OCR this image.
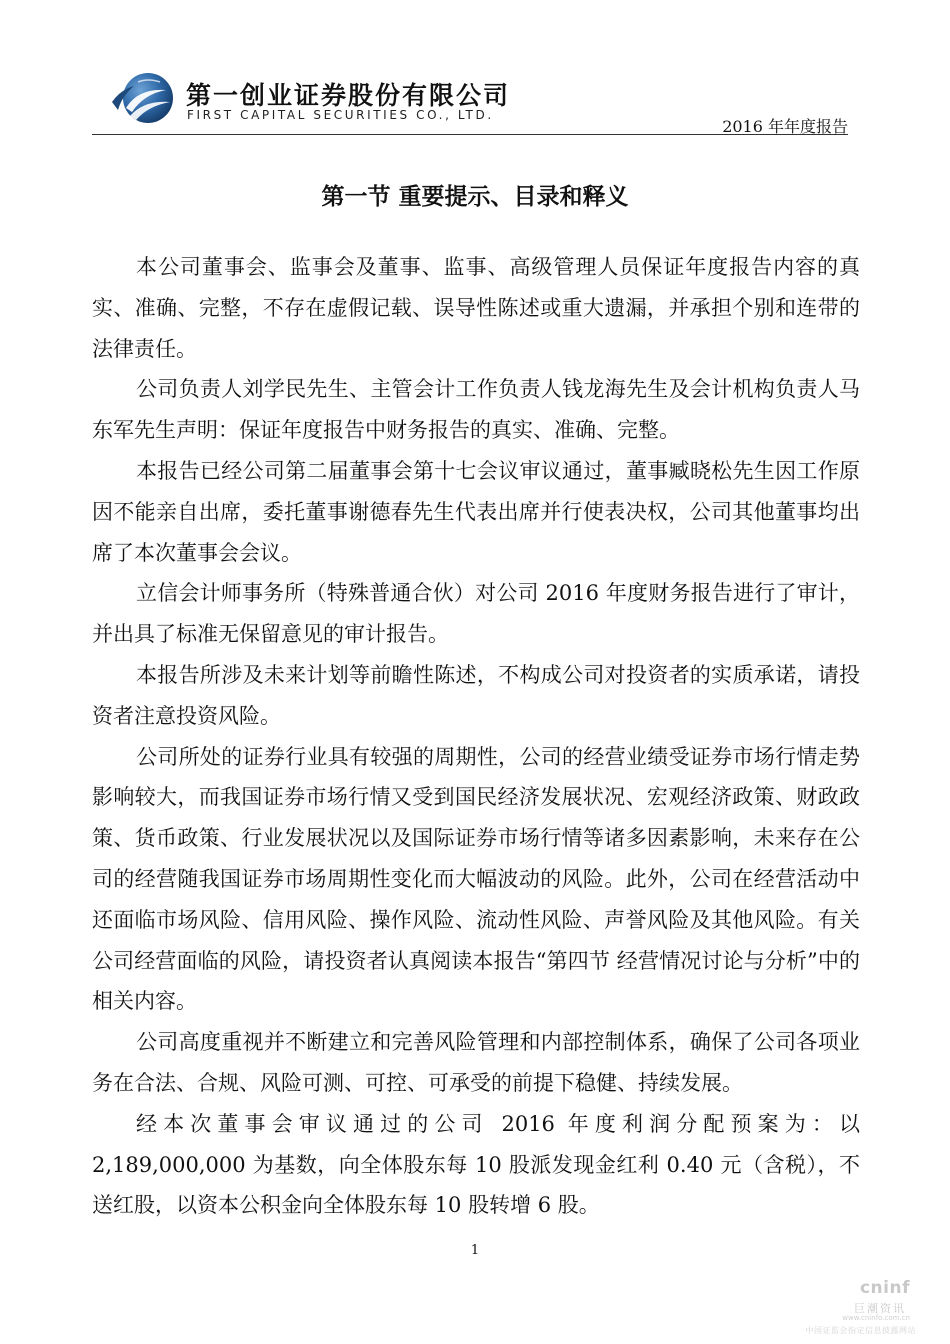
第一创业证券股份有限公司
FIRST CAPITAL SECURITIES CO., LTD.
2016 年年度报告
第一节 重要提示、目录和释义

本公司董事会、监事会及董事、监事、高级管理人员保证年度报告内容的真实、准确、完整，不存在虚假记载、误导性陈述或重大遗漏，并承担个别和连带的法律责任。

公司负责人刘学民先生、主管会计工作负责人钱龙海先生及会计机构负责人马东军先生声明：保证年度报告中财务报告的真实、准确、完整。

本报告已经公司第二届董事会第十七会议审议通过，董事臧晓松先生因工作原因不能亲自出席，委托董事谢德春先生代表出席并行使表决权，公司其他董事均出席了本次董事会会议。

立信会计师事务所（特殊普通合伙）对公司 2016 年度财务报告进行了审计，并出具了标准无保留意见的审计报告。

本报告所涉及未来计划等前瞻性陈述，不构成公司对投资者的实质承诺，请投资者注意投资风险。

公司所处的证券行业具有较强的周期性，公司的经营业绩受证券市场行情走势影响较大，而我国证券市场行情又受到国民经济发展状况、宏观经济政策、财政政策、货币政策、行业发展状况以及国际证券市场行情等诸多因素影响，未来存在公司的经营随我国证券市场周期性变化而大幅波动的风险。此外，公司在经营活动中还面临市场风险、信用风险、操作风险、流动性风险、声誉风险及其他风险。有关公司经营面临的风险，请投资者认真阅读本报告“第四节 经营情况讨论与分析”中的相关内容。

公司高度重视并不断建立和完善风险管理和内部控制体系，确保了公司各项业务在合法、合规、风险可测、可控、可承受的前提下稳健、持续发展。

经本次董事会审议通过的公司 2016 年度利润分配预案为：以 2,189,000,000 为基数，向全体股东每 10 股派发现金红利 0.40 元（含税），不送红股，以资本公积金向全体股东每 10 股转增 6 股。

1
cninf
巨潮资讯
www.cninfo.com.cn
中国证监会指定信息披露网站
